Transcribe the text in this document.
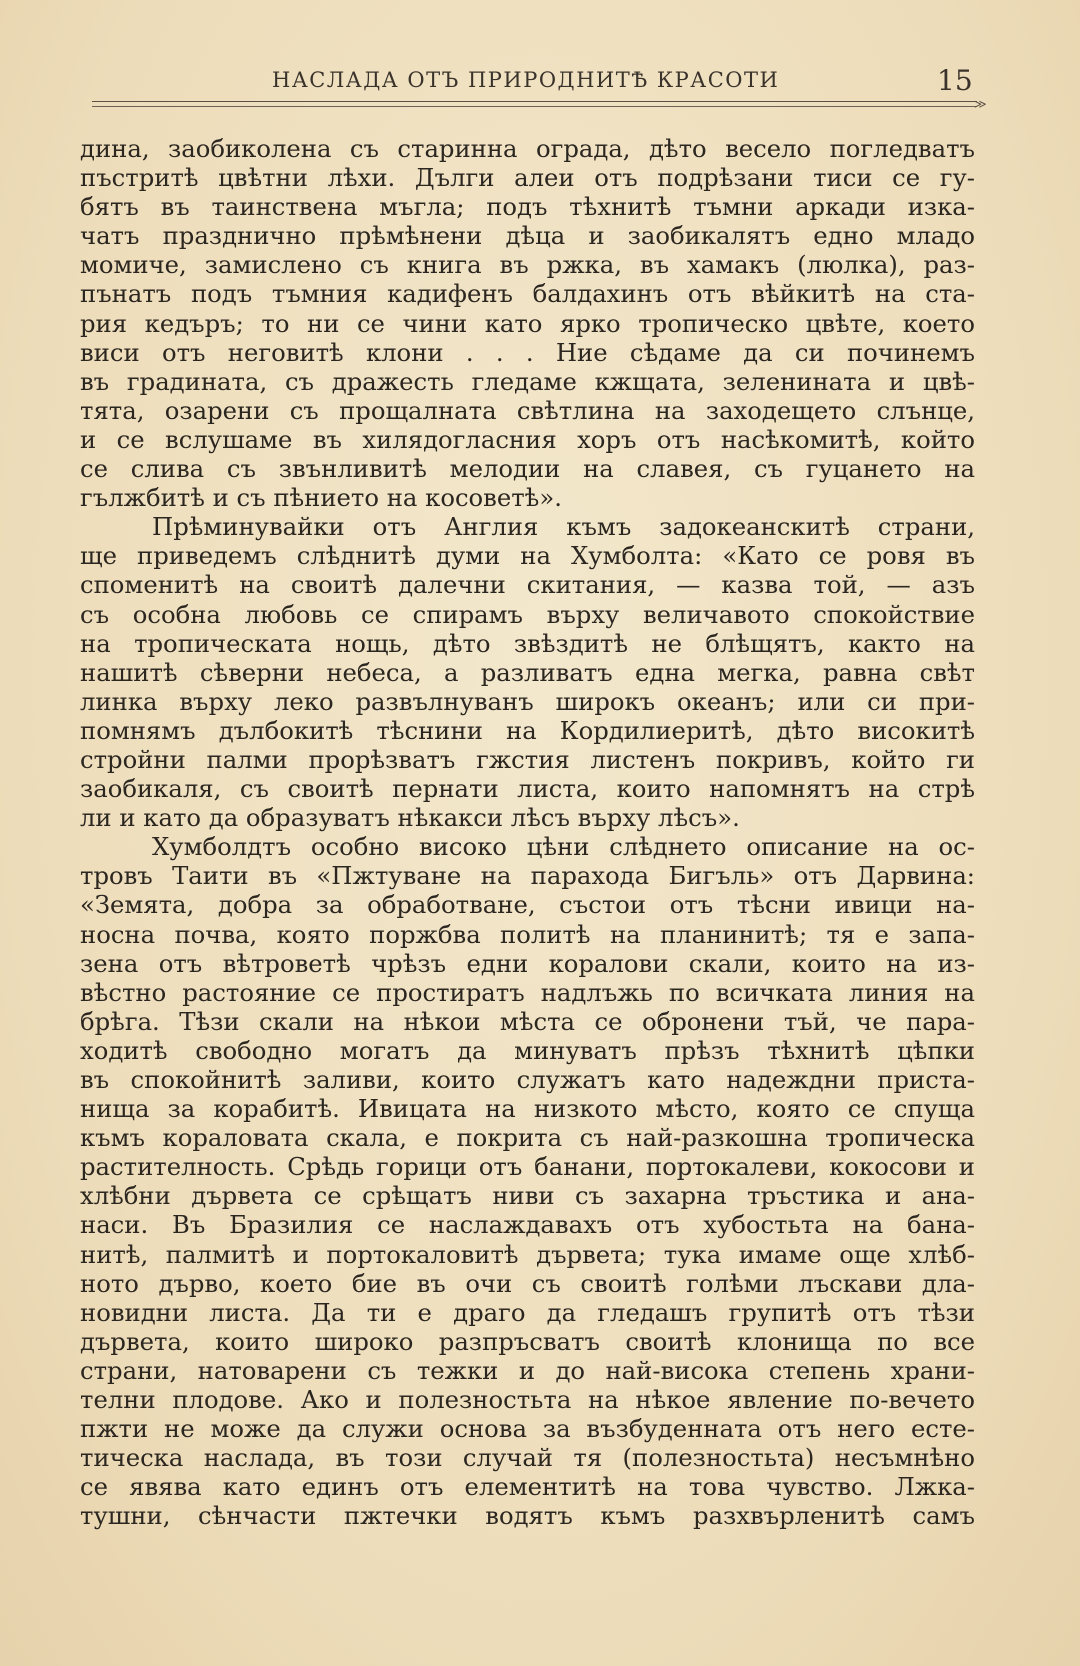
НАСЛАДА ОТЪ ПРИРОДНИТѢ КРАСОТИ	15
≫
дина, заобиколена съ старинна ограда, дѣто весело погледватъ
пъстритѣ цвѣтни лѣхи. Дълги алеи отъ подрѣзани тиси се гу-
бятъ въ таинствена мъгла; подъ тѣхнитѣ тъмни аркади изка-
чатъ празднично прѣмѣнени дѣца и заобикалятъ едно младо
момиче, замислено съ книга въ ржка, въ хамакъ (люлка), раз-
пънатъ подъ тъмния кадифенъ балдахинъ отъ вѣйкитѣ на ста-
рия кедъръ; то ни се чини като ярко тропическо цвѣте, което
виси отъ неговитѣ клони . . . Ние сѣдаме да си починемъ
въ градината, съ дражесть гледаме кжщата, зеленината и цвѣ-
тята, озарени съ прощалната свѣтлина на заходещето слънце,
и се вслушаме въ хилядогласния хоръ отъ насѣкомитѣ, който
се слива съ звънливитѣ мелодии на славея, съ гуцането на
гължбитѣ и съ пѣнието на косоветѣ».
Прѣминувайки отъ Англия къмъ задокеанскитѣ страни,
ще приведемъ слѣднитѣ думи на Хумболта: «Като се ровя въ
споменитѣ на своитѣ далечни скитания, — казва той, — азъ
съ особна любовь се спирамъ върху величавото спокойствие
на тропическата нощь, дѣто звѣздитѣ не блѣщятъ, както на
нашитѣ сѣверни небеса, а разливатъ една мегка, равна свѣт
линка върху леко развълнуванъ широкъ океанъ; или си при-
помнямъ дълбокитѣ тѣснини на Кордилиеритѣ, дѣто високитѣ
стройни палми прорѣзватъ гжстия листенъ покривъ, който ги
заобикаля, съ своитѣ пернати листа, които напомнятъ на стрѣ
ли и като да образуватъ нѣкакси лѣсъ върху лѣсъ».
Хумболдтъ особно високо цѣни слѣднето описание на ос-
тровъ Таити въ «Пжтуване на парахода Бигъль» отъ Дарвина:
«Земята, добра за обработване, състои отъ тѣсни ивици на-
носна почва, която поржбва политѣ на планинитѣ; тя е запа-
зена отъ вѣтроветѣ чрѣзъ едни коралови скали, които на из-
вѣстно растояние се простиратъ надлъжь по всичката линия на
брѣга. Тѣзи скали на нѣкои мѣста се обронени тъй, че пара-
ходитѣ свободно могатъ да минуватъ прѣзъ тѣхнитѣ цѣпки
въ спокойнитѣ заливи, които служатъ като надеждни приста-
нища за корабитѣ. Ивицата на низкото мѣсто, която се спуща
къмъ кораловата скала, е покрита съ най-разкошна тропическа
растителность. Срѣдь горици отъ банани, портокалеви, кокосови и
хлѣбни дървета се срѣщатъ ниви съ захарна тръстика и ана-
наси. Въ Бразилия се наслаждавахъ отъ хубостьта на бана-
нитѣ, палмитѣ и портокаловитѣ дървета; тука имаме още хлѣб-
ното дърво, което бие въ очи съ своитѣ голѣми лъскави дла-
новидни листа. Да ти е драго да гледашъ групитѣ отъ тѣзи
дървета, които широко разпръсватъ своитѣ клонища по все
страни, натоварени съ тежки и до най-висока степень храни-
телни плодове. Ако и полезностьта на нѣкое явление по-вечето
пжти не може да служи основа за възбуденната отъ него есте-
тическа наслада, въ този случай тя (полезностьта) несъмнѣно
се явява като единъ отъ елементитѣ на това чувство. Лжка-
тушни, сѣнчасти пжтечки водятъ къмъ разхвърленитѣ самъ
